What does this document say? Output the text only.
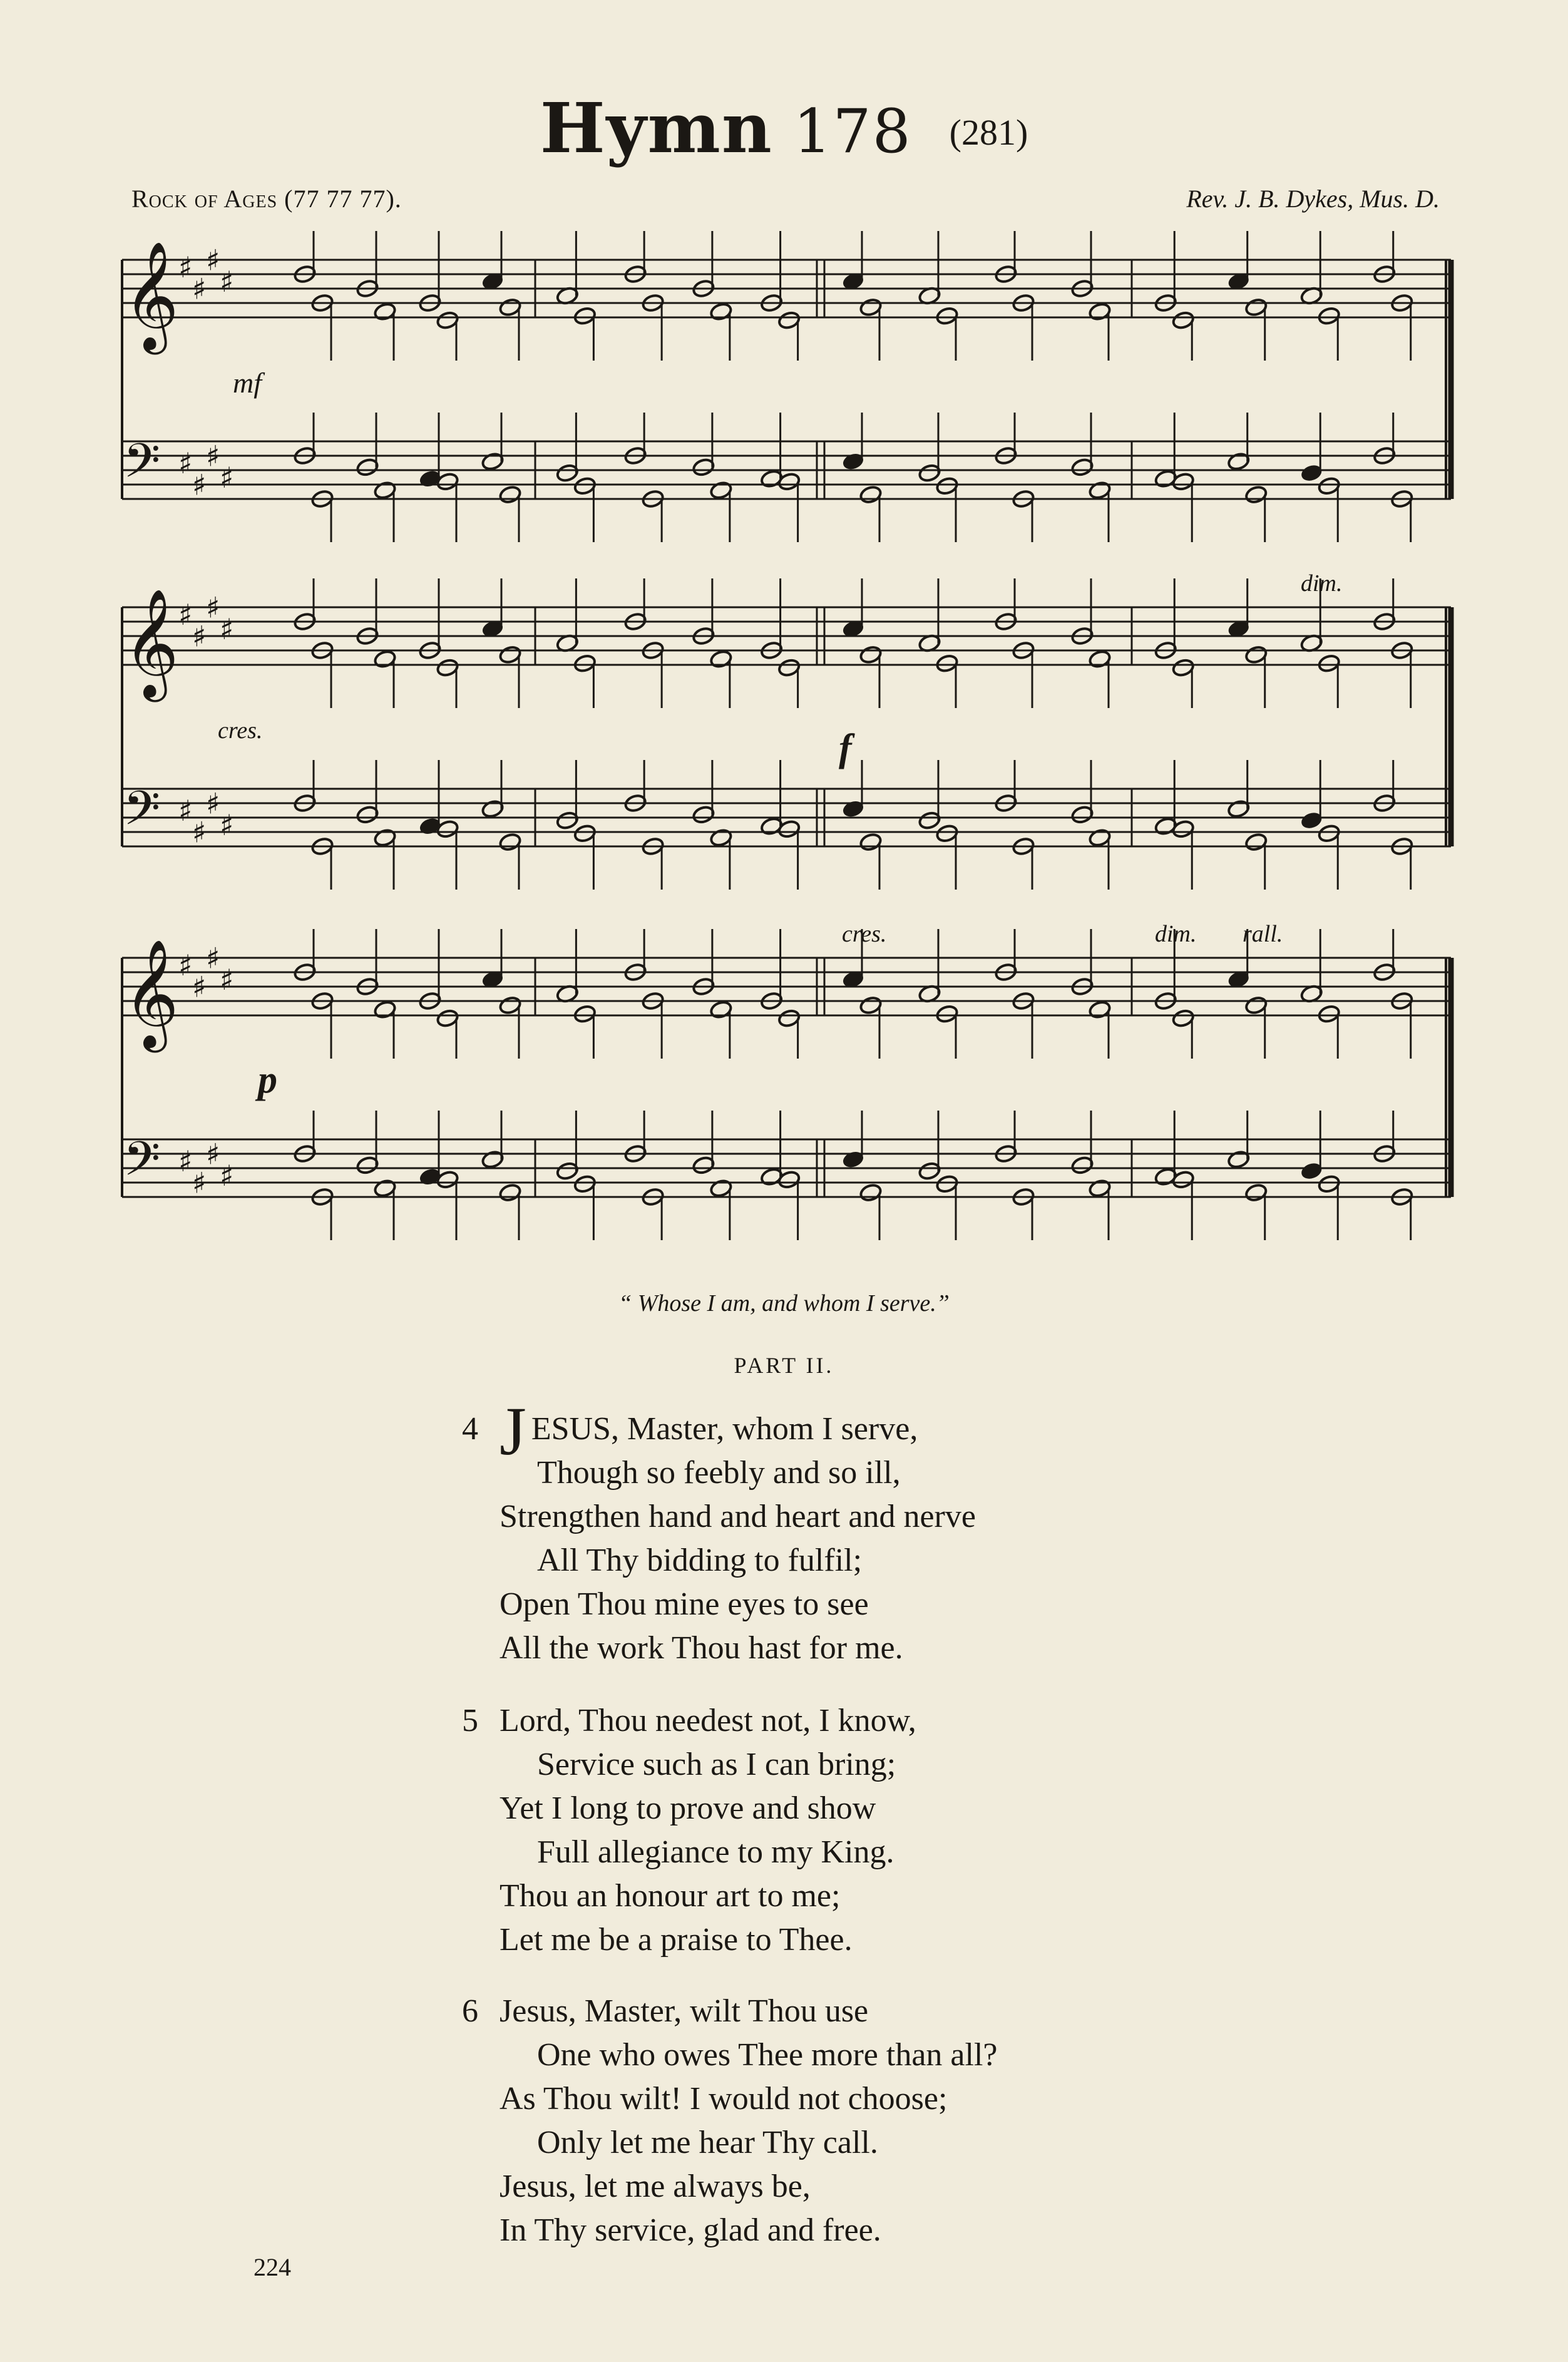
Hymn 178 (281)
Rock of Ages (77 77 77).	Rev. J. B. Dykes, Mus. D.
𝄞
𝄢
♯
♯
♯
♯
♯
♯
♯
♯
𝄞
𝄢
♯
♯
♯
♯
♯
♯
♯
♯
𝄞
𝄢
♯
♯
♯
♯
♯
♯
♯
♯
mf
cres.
dim.
f
p
cres.	dim. rall.
“ Whose I am, and whom I serve.”
PART II.
4 J ESUS, Master, whom I serve,
Though so feebly and so ill,
Strengthen hand and heart and nerve
All Thy bidding to fulfil;
Open Thou mine eyes to see
All the work Thou hast for me.
5 Lord, Thou needest not, I know,
Service such as I can bring;
Yet I long to prove and show
Full allegiance to my King.
Thou an honour art to me;
Let me be a praise to Thee.
6 Jesus, Master, wilt Thou use
One who owes Thee more than all?
As Thou wilt! I would not choose;
Only let me hear Thy call.
Jesus, let me always be,
In Thy service, glad and free.
224
